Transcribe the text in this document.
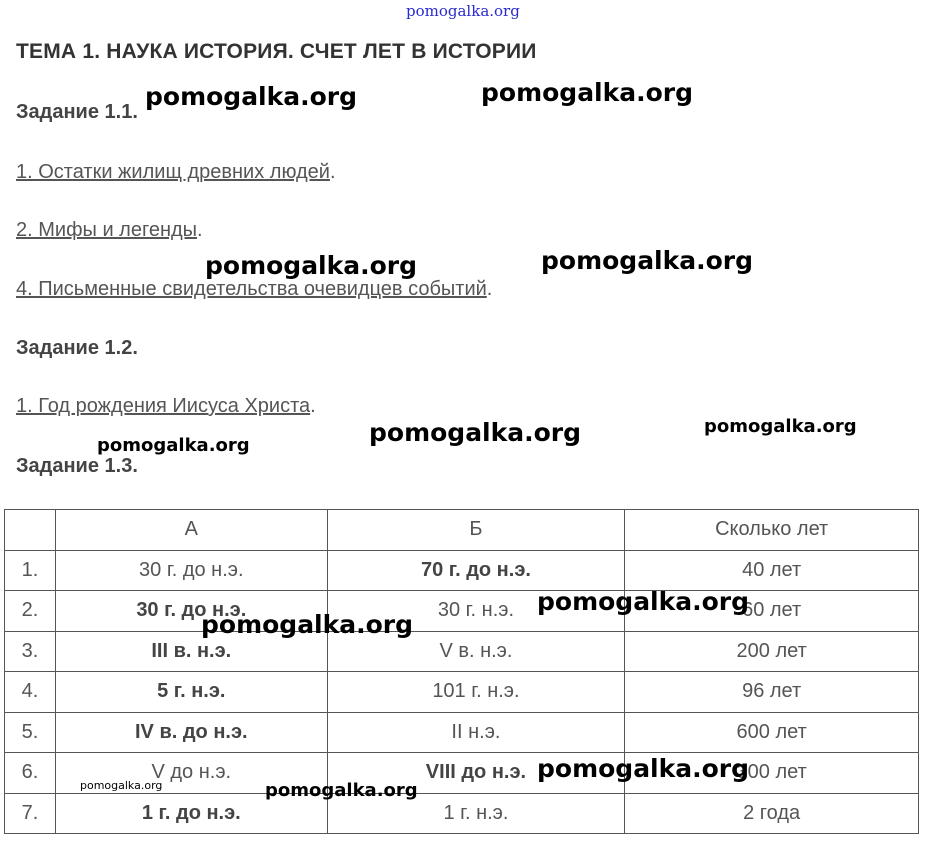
pomogalka.org
pomogalka.org	pomogalka.org
pomogalka.org	pomogalka.org
pomogalka.org
pomogalka.org
pomogalka.org
pomogalka.org
pomogalka.org
pomogalka.org
pomogalka.org
pomogalka.org
ТЕМА 1. НАУКА ИСТОРИЯ. СЧЕТ ЛЕТ В ИСТОРИИ
Задание 1.1.
1. Остатки жилищ древних людей.
2. Мифы и легенды.
4. Письменные свидетельства очевидцев событий.
Задание 1.2.
1. Год рождения Иисуса Христа.
Задание 1.3.
	А	Б	Сколько лет
1.	30 г. до н.э.	70 г. до н.э.	40 лет
2.	30 г. до н.э.	30 г. н.э.	60 лет
3.	III в. н.э.	V в. н.э.	200 лет
4.	5 г. н.э.	101 г. н.э.	96 лет
5.	IV в. до н.э.	II н.э.	600 лет
6.	V до н.э.	VIII до н.э.	300 лет
7.	1 г. до н.э.	1 г. н.э.	2 года
